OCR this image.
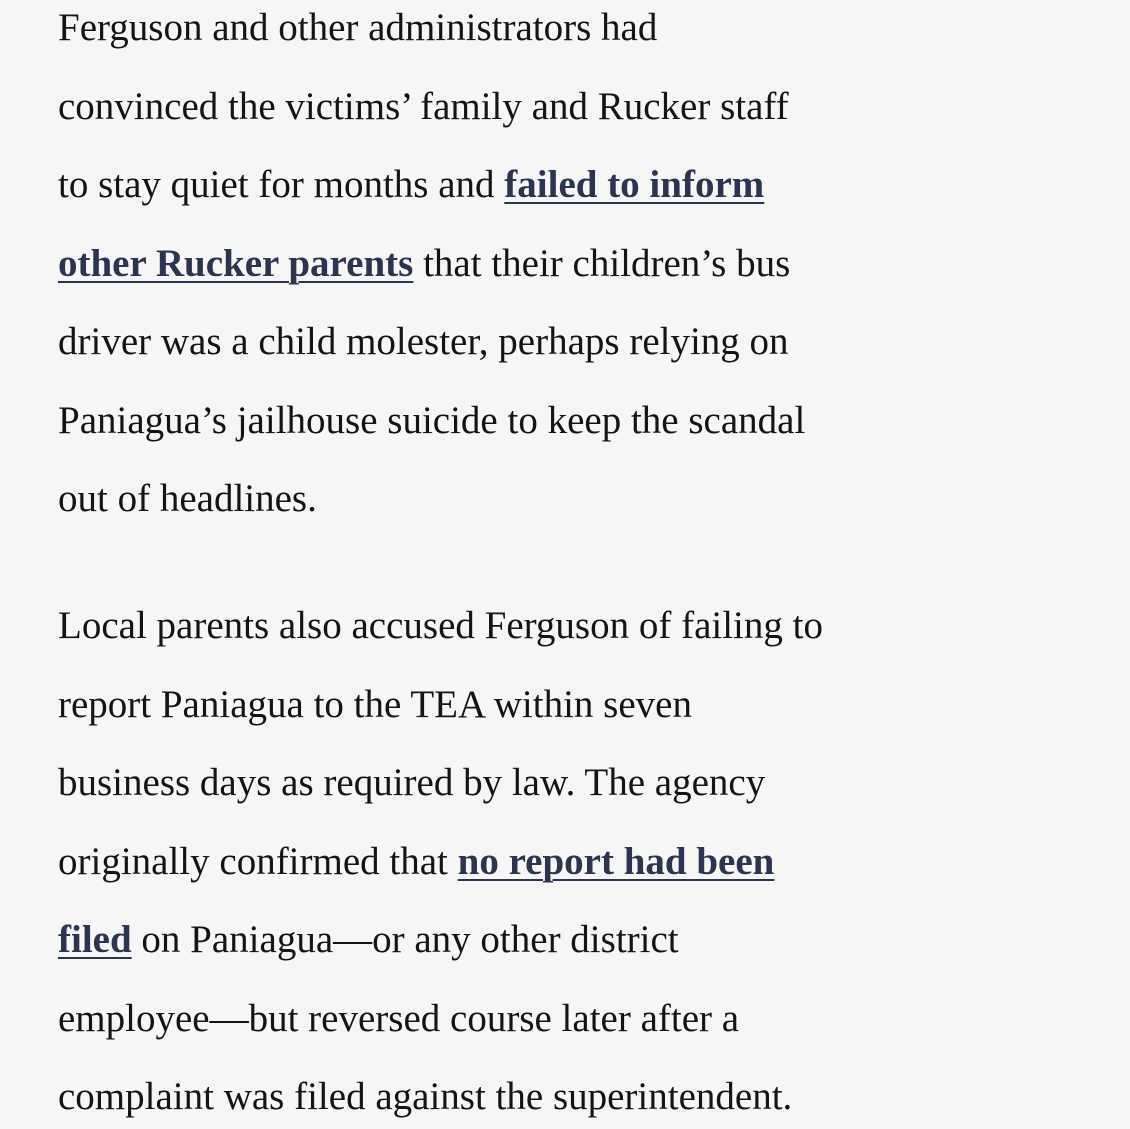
Ferguson and other administrators had
convinced the victims’ family and Rucker staff
to stay quiet for months and failed to inform
other Rucker parents that their children’s bus
driver was a child molester, perhaps relying on
Paniagua’s jailhouse suicide to keep the scandal
out of headlines.

Local parents also accused Ferguson of failing to
report Paniagua to the TEA within seven
business days as required by law. The agency
originally confirmed that no report had been
filed on Paniagua—or any other district
employee—but reversed course later after a
complaint was filed against the superintendent.
